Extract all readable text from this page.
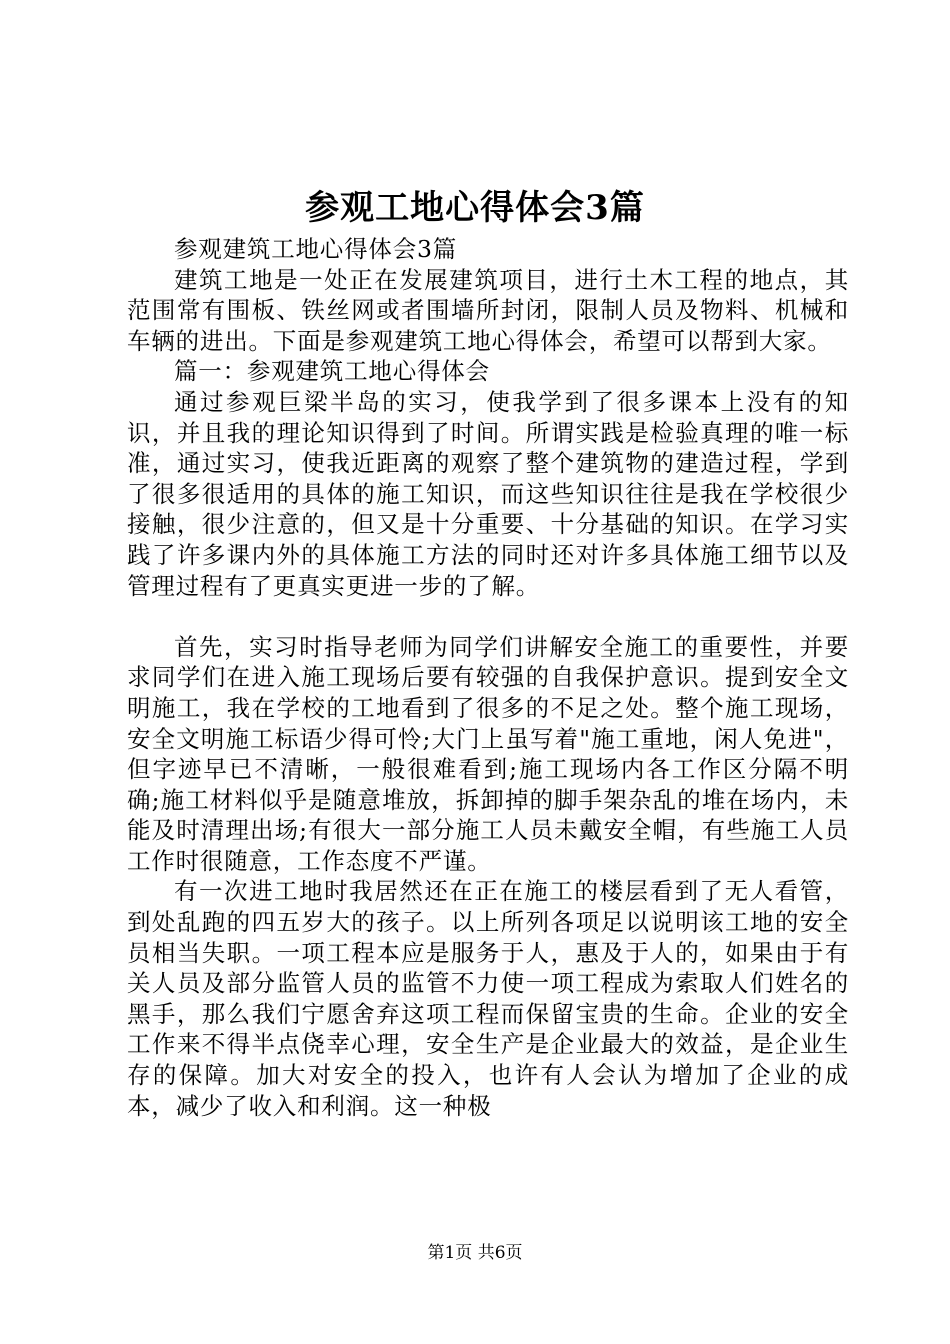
参观工地心得体会3篇

参观建筑工地心得体会3篇

建筑工地是一处正在发展建筑项目，进行土木工程的地点，其范围常有围板、铁丝网或者围墙所封闭，限制人员及物料、机械和车辆的进出。下面是参观建筑工地心得体会，希望可以帮到大家。

篇一：参观建筑工地心得体会

通过参观巨梁半岛的实习，使我学到了很多课本上没有的知识，并且我的理论知识得到了时间。所谓实践是检验真理的唯一标准，通过实习，使我近距离的观察了整个建筑物的建造过程，学到了很多很适用的具体的施工知识，而这些知识往往是我在学校很少接触，很少注意的，但又是十分重要、十分基础的知识。在学习实践了许多课内外的具体施工方法的同时还对许多具体施工细节以及管理过程有了更真实更进一步的了解。

首先，实习时指导老师为同学们讲解安全施工的重要性，并要求同学们在进入施工现场后要有较强的自我保护意识。提到安全文明施工，我在学校的工地看到了很多的不足之处。整个施工现场，安全文明施工标语少得可怜;大门上虽写着"施工重地，闲人免进"，但字迹早已不清晰，一般很难看到;施工现场内各工作区分隔不明确;施工材料似乎是随意堆放，拆卸掉的脚手架杂乱的堆在场内，未能及时清理出场;有很大一部分施工人员未戴安全帽，有些施工人员工作时很随意，工作态度不严谨。

有一次进工地时我居然还在正在施工的楼层看到了无人看管，到处乱跑的四五岁大的孩子。以上所列各项足以说明该工地的安全员相当失职。一项工程本应是服务于人，惠及于人的，如果由于有关人员及部分监管人员的监管不力使一项工程成为索取人们姓名的黑手，那么我们宁愿舍弃这项工程而保留宝贵的生命。企业的安全工作来不得半点侥幸心理，安全生产是企业最大的效益，是企业生存的保障。加大对安全的投入，也许有人会认为增加了企业的成本，减少了收入和利润。这一种极

第1页 共6页
